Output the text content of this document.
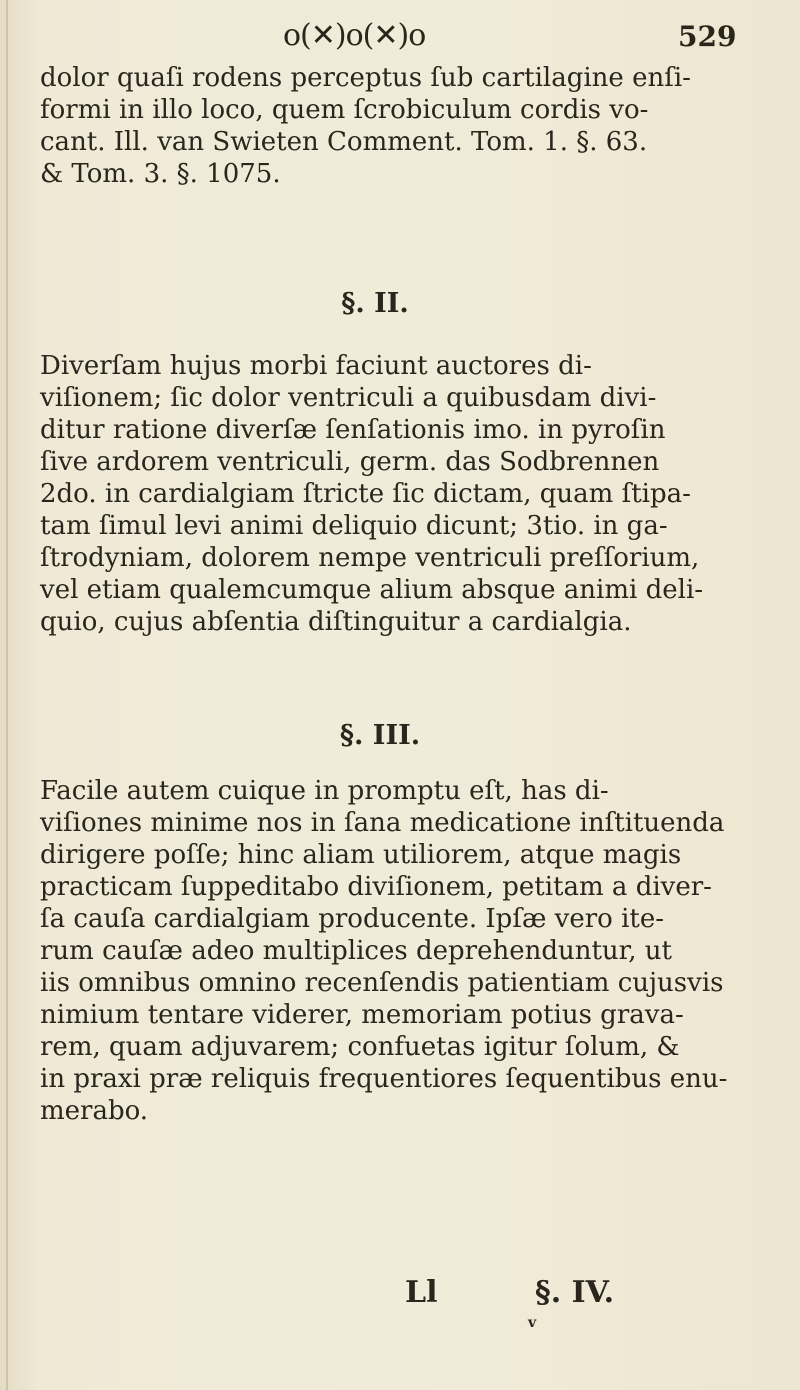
o(✕)o(✕)o	529
dolor quaſi rodens perceptus ſub cartilagine enſi-
formi in illo loco, quem ſcrobiculum cordis vo-
cant. Ill. van Swieten Comment. Tom. 1. §. 63.
& Tom. 3. §. 1075.
§. II.
Diverſam hujus morbi faciunt auctores di-
viſionem; ſic dolor ventriculi a quibusdam divi-
ditur ratione diverſæ ſenſationis imo. in pyroſin
ſive ardorem ventriculi, germ. das Sodbrennen
2do. in cardialgiam ſtricte ſic dictam, quam ſtipa-
tam ſimul levi animi deliquio dicunt; 3tio. in ga-
ſtrodyniam, dolorem nempe ventriculi preſſorium,
vel etiam qualemcumque alium absque animi deli-
quio, cujus abſentia diſtinguitur a cardialgia.
§. III.
Facile autem cuique in promptu eſt, has di-
viſiones minime nos in ſana medicatione inſtituenda
dirigere poſſe; hinc aliam utiliorem, atque magis
practicam ſuppeditabo diviſionem, petitam a diver-
ſa cauſa cardialgiam producente. Ipſæ vero ite-
rum cauſæ adeo multiplices deprehenduntur, ut
iis omnibus omnino recenſendis patientiam cujusvis
nimium tentare viderer, memoriam potius grava-
rem, quam adjuvarem; confuetas igitur ſolum, &
in praxi præ reliquis frequentiores ſequentibus enu-
merabo.
Ll	§. IV.
v
